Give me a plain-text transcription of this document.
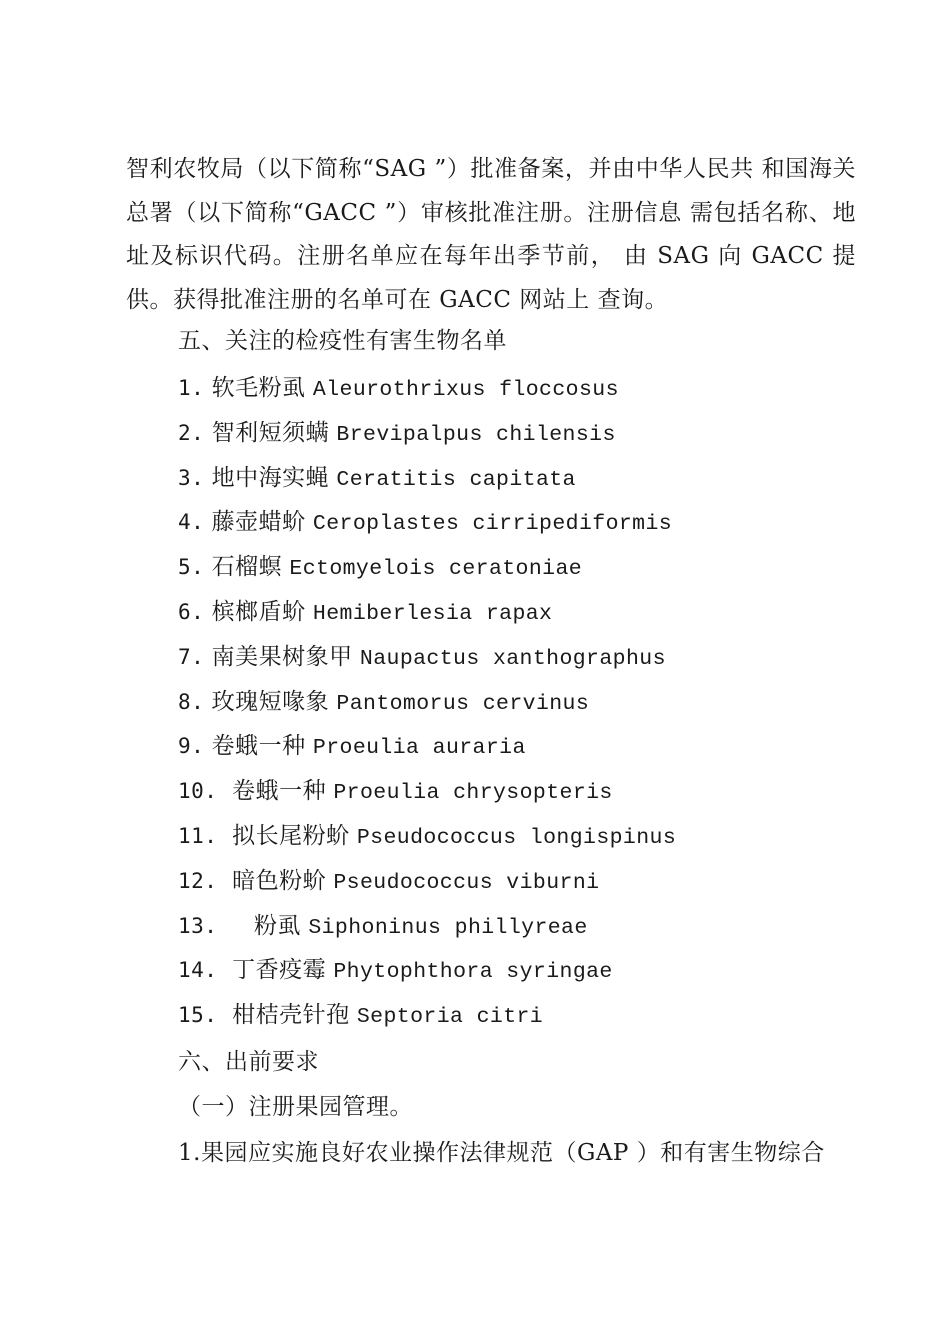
智利农牧局（以下简称“SAG ”）批准备案，并由中华人民共 和国海关总署（以下简称“GACC ”）审核批准注册。注册信息 需包括名称、地址及标识代码。注册名单应在每年出季节前， 由 SAG 向 GACC 提供。获得批准注册的名单可在 GACC 网站上 查询。

五、关注的检疫性有害生物名单
1. 软毛粉虱 Aleurothrixus floccosus
2. 智利短须螨 Brevipalpus chilensis
3. 地中海实蝇 Ceratitis capitata
4. 藤壶蜡蚧 Ceroplastes cirripediformis
5. 石榴螟 Ectomyelois ceratoniae
6. 槟榔盾蚧 Hemiberlesia rapax
7. 南美果树象甲 Naupactus xanthographus
8. 玫瑰短喙象 Pantomorus cervinus
9. 卷蛾一种 Proeulia auraria
10. 卷蛾一种 Proeulia chrysopteris
11. 拟长尾粉蚧 Pseudococcus longispinus
12. 暗色粉蚧 Pseudococcus viburni
13. 粉虱 Siphoninus phillyreae
14. 丁香疫霉 Phytophthora syringae
15. 柑桔壳针孢 Septoria citri
六、出前要求
（一）注册果园管理。
1.果园应实施良好农业操作法律规范（GAP ）和有害生物综合
